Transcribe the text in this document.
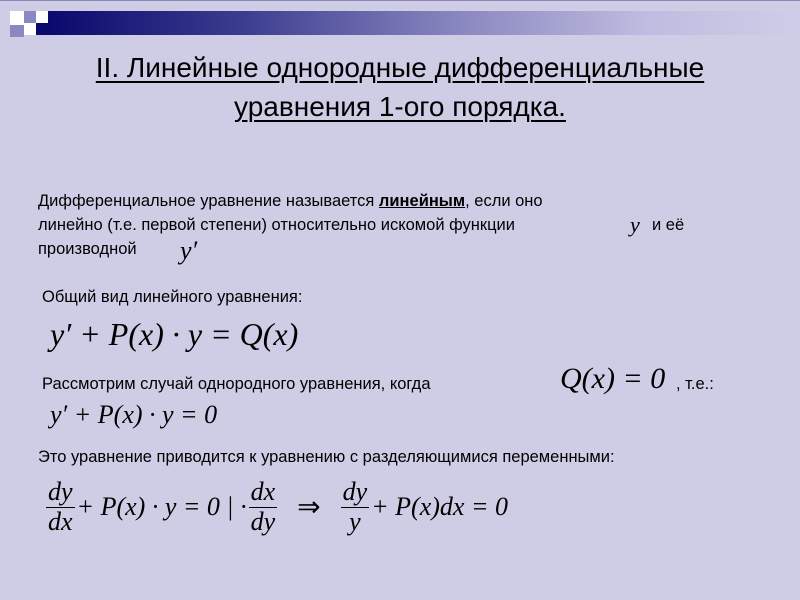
II. Линейные однородные дифференциальные уравнения 1-ого порядка.
Дифференциальное уравнение называется линейным, если оно
линейно (т.е. первой степени) относительно искомой функции	y и её
производной y′
Общий вид линейного уравнения:
y′ + P(x) · y = Q(x)
Рассмотрим случай однородного уравнения, когда	Q(x) = 0 , т.е.:
y′ + P(x) · y = 0
Это уравнение приводится к уравнению с разделяющимися переменными:
$\frac{dy}{dx} + P(x) \cdot y = 0$ | · $\frac{dx}{dy}$ ⇒ $\frac{dy}{y} + P(x)dx = 0$
